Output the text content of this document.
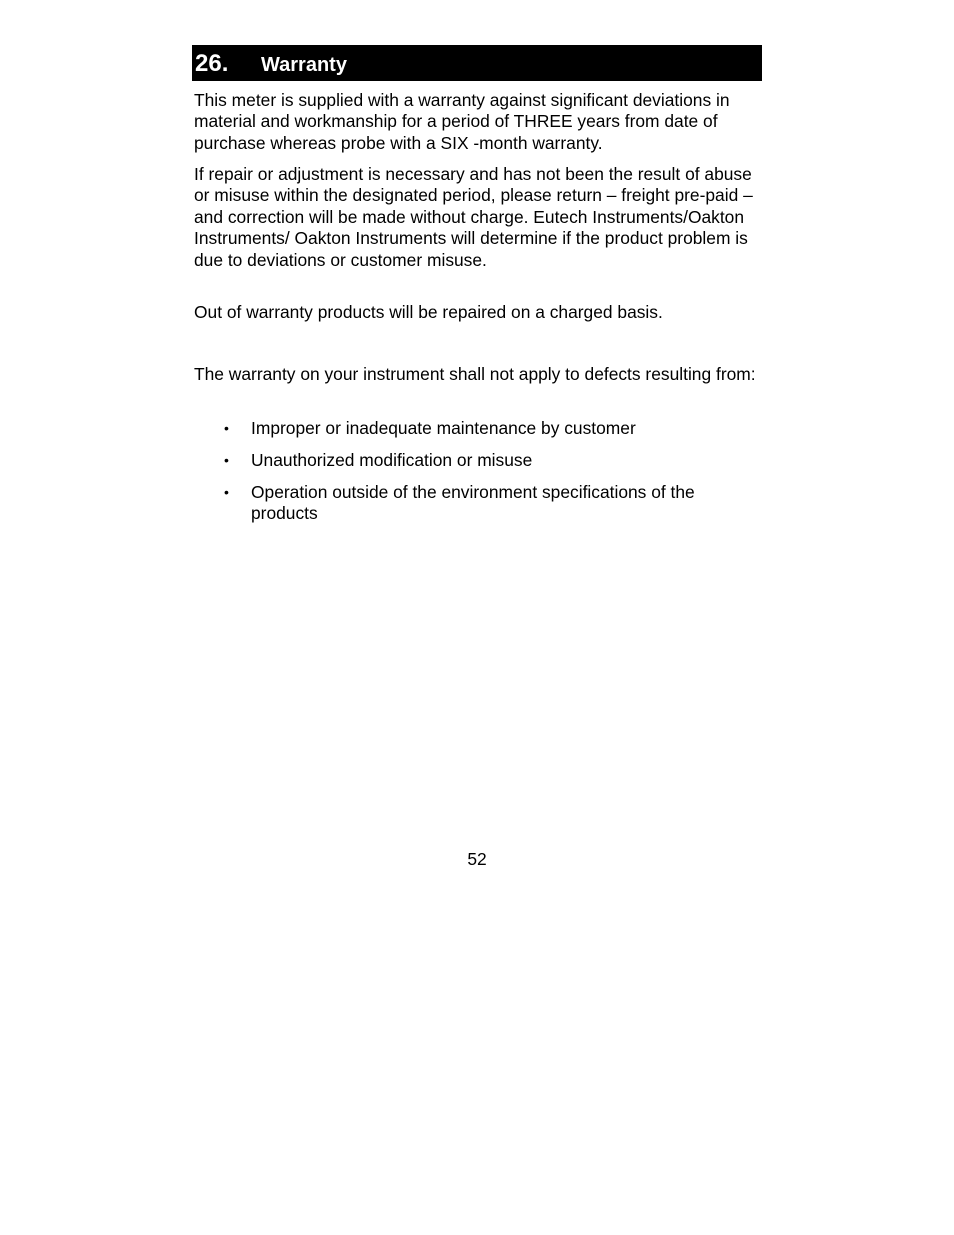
26. Warranty

This meter is supplied with a warranty against significant deviations in material and workmanship for a period of THREE years from date of purchase whereas probe with a SIX -month warranty.

If repair or adjustment is necessary and has not been the result of abuse or misuse within the designated period, please return – freight pre-paid – and correction will be made without charge. Eutech Instruments/Oakton Instruments/ Oakton Instruments will determine if the product problem is due to deviations or customer misuse.

Out of warranty products will be repaired on a charged basis.

The warranty on your instrument shall not apply to defects resulting from:

• Improper or inadequate maintenance by customer
• Unauthorized modification or misuse
• Operation outside of the environment specifications of the products
52
